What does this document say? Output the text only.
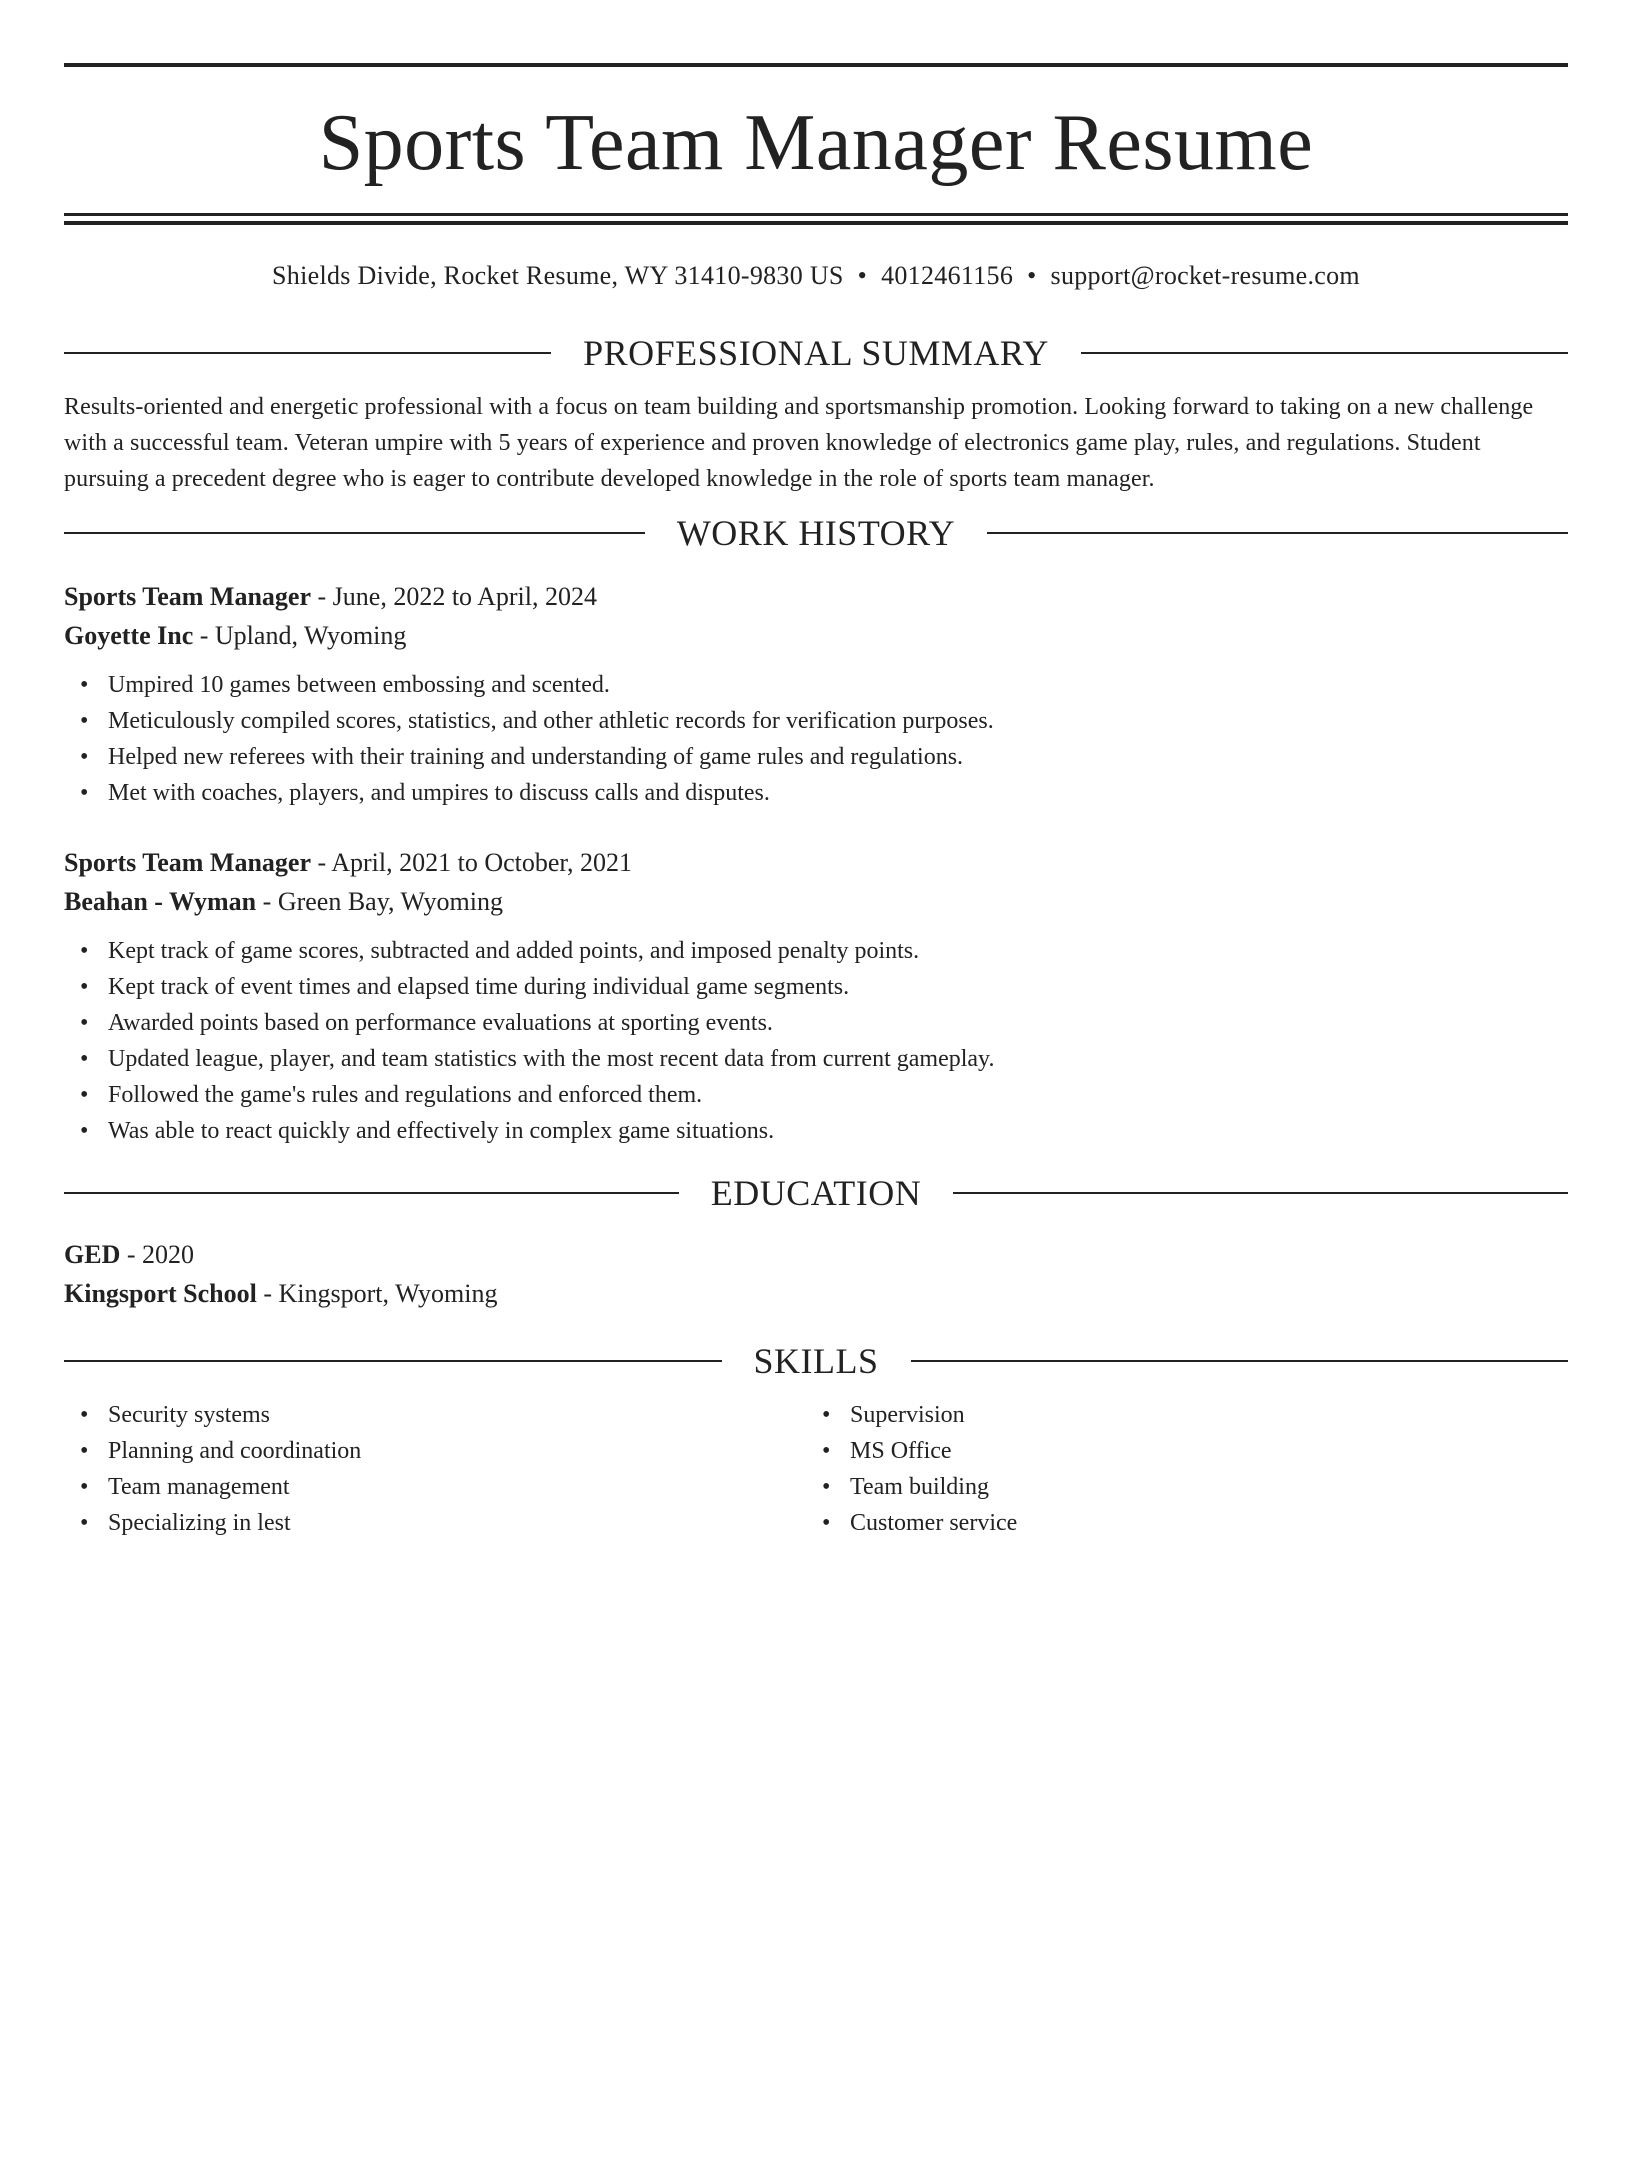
Sports Team Manager Resume
Shields Divide, Rocket Resume, WY 31410-9830 US • 4012461156 • support@rocket-resume.com
PROFESSIONAL SUMMARY

Results-oriented and energetic professional with a focus on team building and sportsmanship promotion. Looking forward to taking on a new challenge with a successful team. Veteran umpire with 5 years of experience and proven knowledge of electronics game play, rules, and regulations. Student pursuing a precedent degree who is eager to contribute developed knowledge in the role of sports team manager.

WORK HISTORY
Sports Team Manager - June, 2022 to April, 2024
Goyette Inc - Upland, Wyoming
• Umpired 10 games between embossing and scented.
• Meticulously compiled scores, statistics, and other athletic records for verification purposes.
• Helped new referees with their training and understanding of game rules and regulations.
• Met with coaches, players, and umpires to discuss calls and disputes.
Sports Team Manager - April, 2021 to October, 2021
Beahan - Wyman - Green Bay, Wyoming
• Kept track of game scores, subtracted and added points, and imposed penalty points.
• Kept track of event times and elapsed time during individual game segments.
• Awarded points based on performance evaluations at sporting events.
• Updated league, player, and team statistics with the most recent data from current gameplay.
• Followed the game's rules and regulations and enforced them.
• Was able to react quickly and effectively in complex game situations.
EDUCATION
GED - 2020
Kingsport School - Kingsport, Wyoming
SKILLS
• Security systems
• Planning and coordination
• Team management
• Specializing in lest
• Supervision
• MS Office
• Team building
• Customer service
